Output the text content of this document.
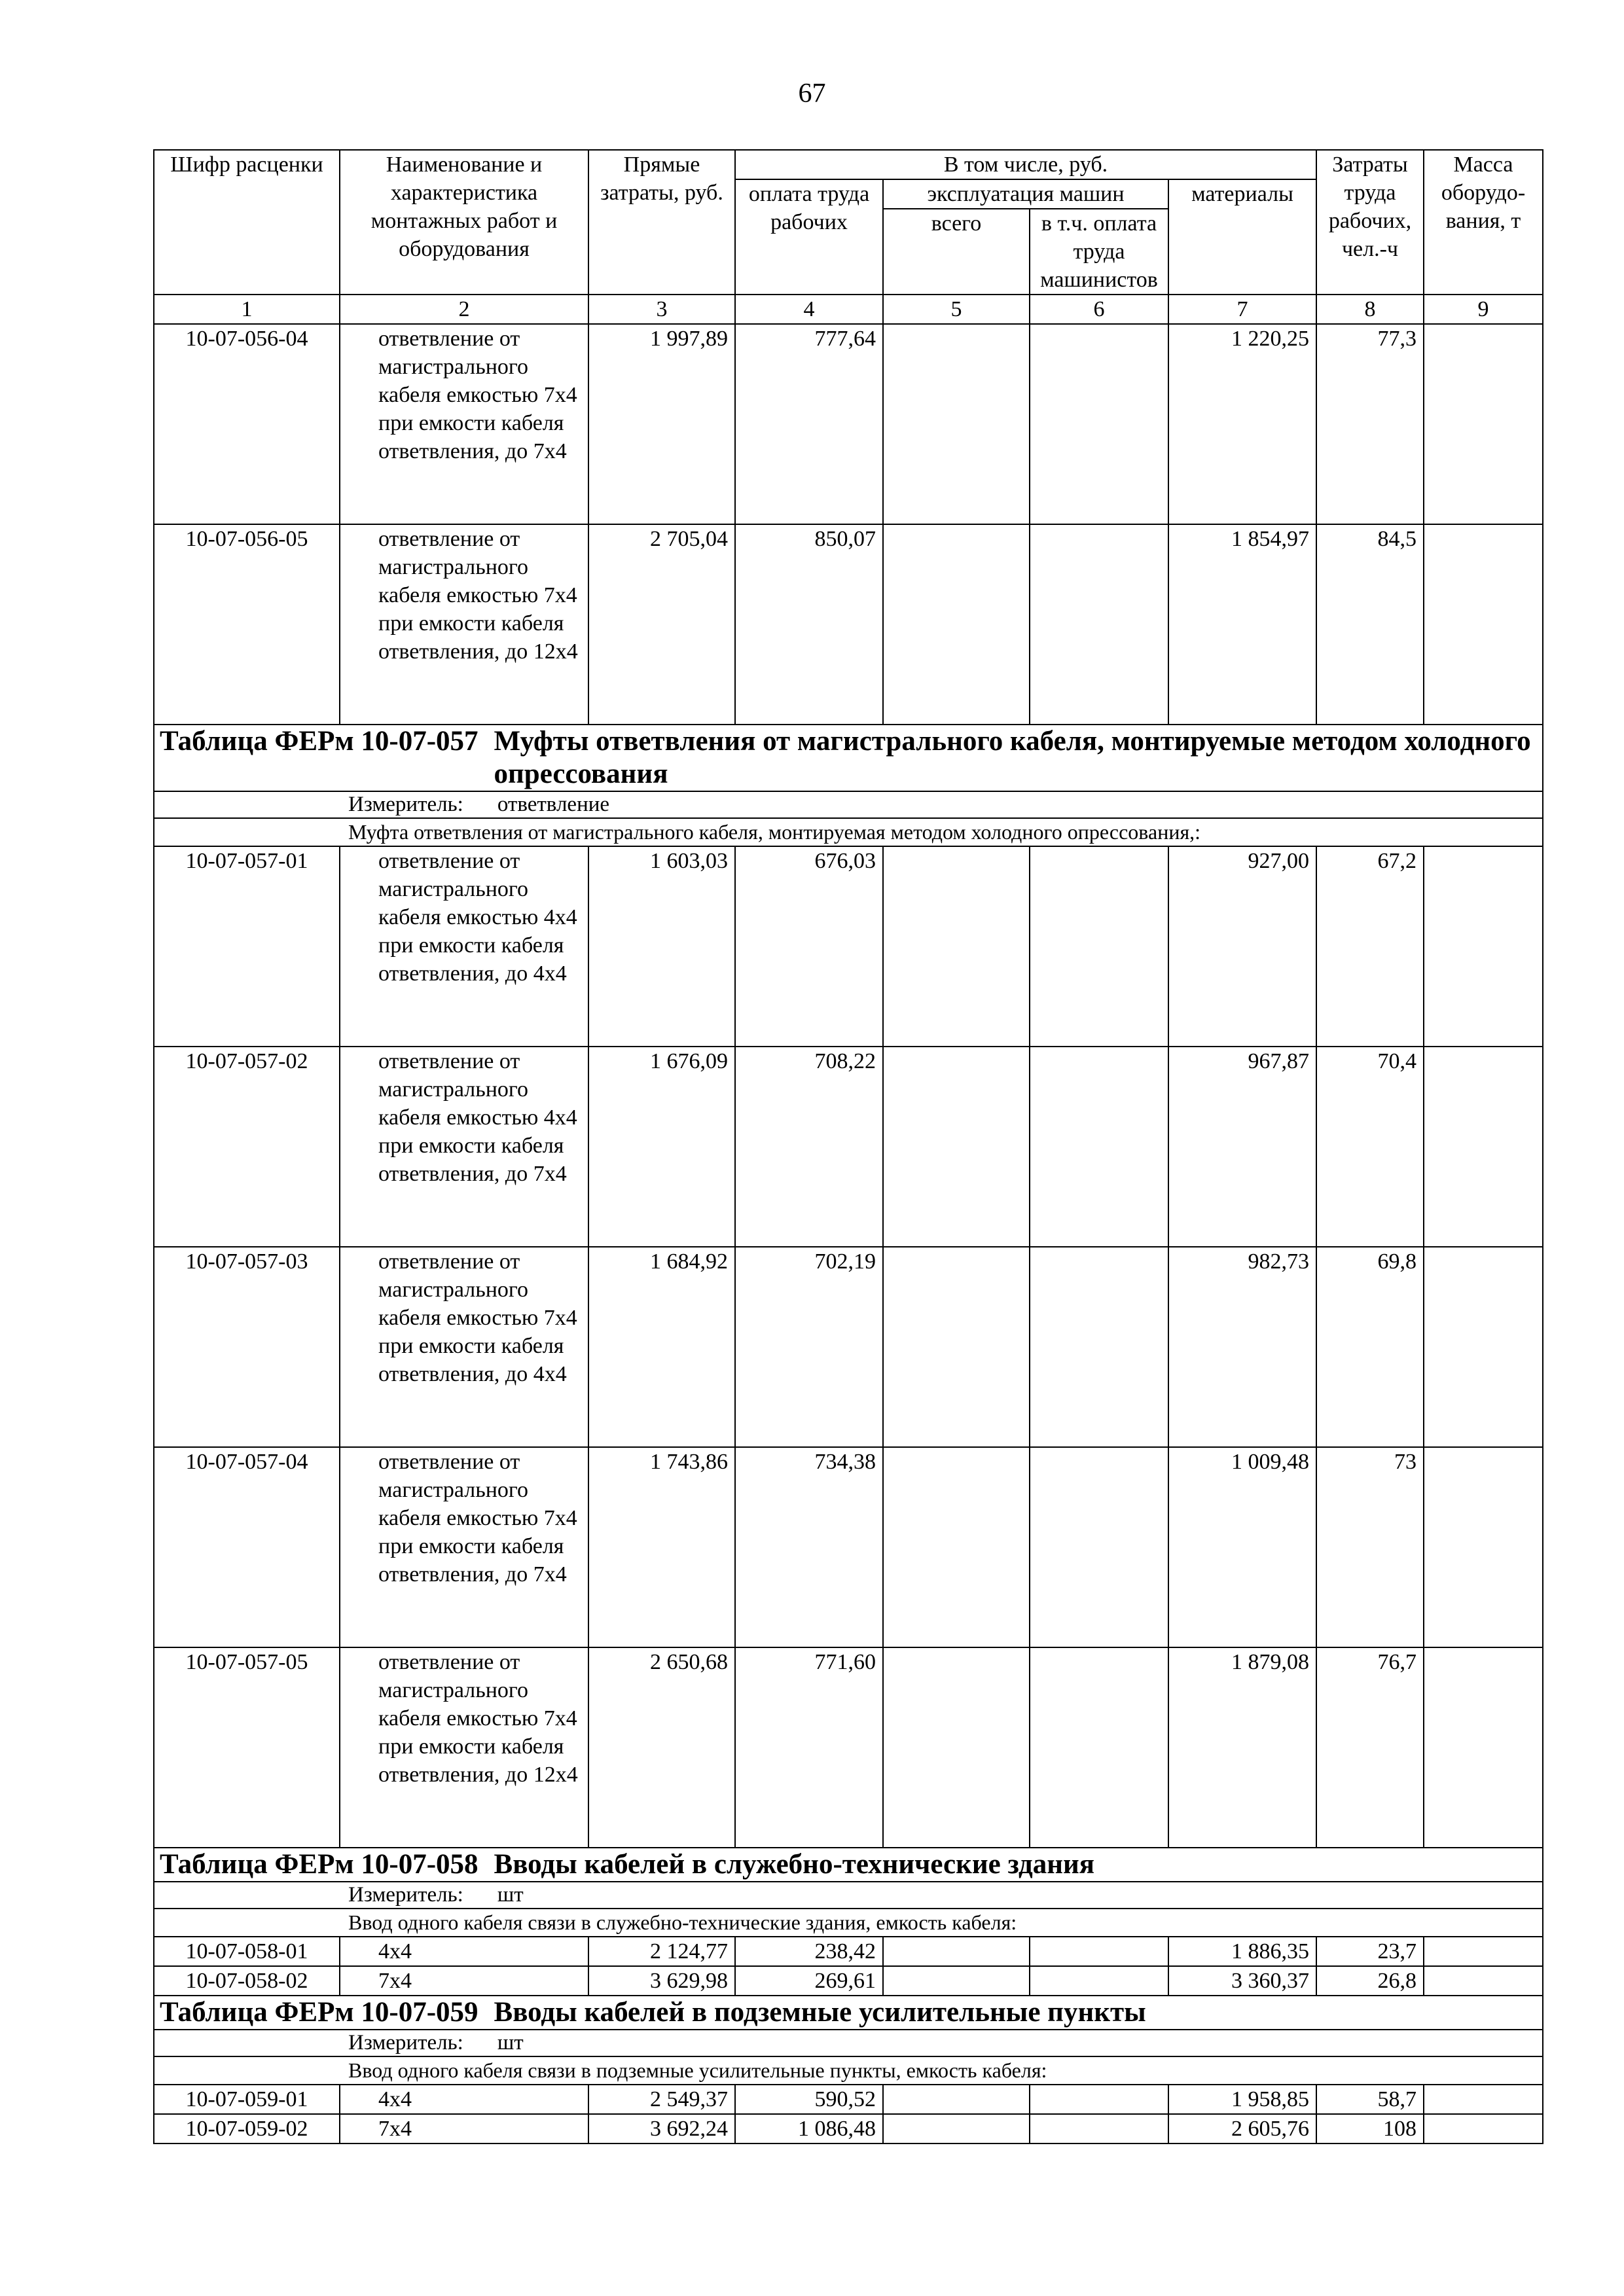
67
Шифр расценки	Наименование и характеристика монтажных работ и оборудования	Прямые затраты, руб.	В том числе, руб.				Затраты труда рабочих, чел.-ч	Масса оборудо-вания, т
			оплата труда рабочих	эксплуатация машин		материалы		
				всего	в т.ч. оплата труда машинистов			
1	2	3	4	5	6	7	8	9
10-07-056-04	ответвление от магистрального кабеля емкостью 7х4 при емкости кабеля ответвления, до 7х4	1 997,89	777,64			1 220,25	77,3	
10-07-056-05	ответвление от магистрального кабеля емкостью 7х4 при емкости кабеля ответвления, до 12х4	2 705,04	850,07			1 854,97	84,5	

Таблица ФЕРм 10-07-057 Муфты ответвления от магистрального кабеля, монтируемые методом холодного опрессования								

Измеритель: ответвление								
Муфта ответвления от магистрального кабеля, монтируемая методом холодного опрессования,:								
10-07-057-01	ответвление от магистрального кабеля емкостью 4х4 при емкости кабеля ответвления, до 4х4	1 603,03	676,03			927,00	67,2	
10-07-057-02	ответвление от магистрального кабеля емкостью 4х4 при емкости кабеля ответвления, до 7х4	1 676,09	708,22			967,87	70,4	
10-07-057-03	ответвление от магистрального кабеля емкостью 7х4 при емкости кабеля ответвления, до 4х4	1 684,92	702,19			982,73	69,8	
10-07-057-04	ответвление от магистрального кабеля емкостью 7х4 при емкости кабеля ответвления, до 7х4	1 743,86	734,38			1 009,48	73	
10-07-057-05	ответвление от магистрального кабеля емкостью 7х4 при емкости кабеля ответвления, до 12х4	2 650,68	771,60			1 879,08	76,7	

Таблица ФЕРм 10-07-058 Вводы кабелей в служебно-технические здания								

Измеритель: шт								
Ввод одного кабеля связи в служебно-технические здания, емкость кабеля:								
10-07-058-01	4х4	2 124,77	238,42			1 886,35	23,7	
10-07-058-02	7х4	3 629,98	269,61			3 360,37	26,8	

Таблица ФЕРм 10-07-059 Вводы кабелей в подземные усилительные пункты								

Измеритель: шт								
Ввод одного кабеля связи в подземные усилительные пункты, емкость кабеля:								
10-07-059-01	4х4	2 549,37	590,52			1 958,85	58,7	
10-07-059-02	7х4	3 692,24	1 086,48			2 605,76	108	
